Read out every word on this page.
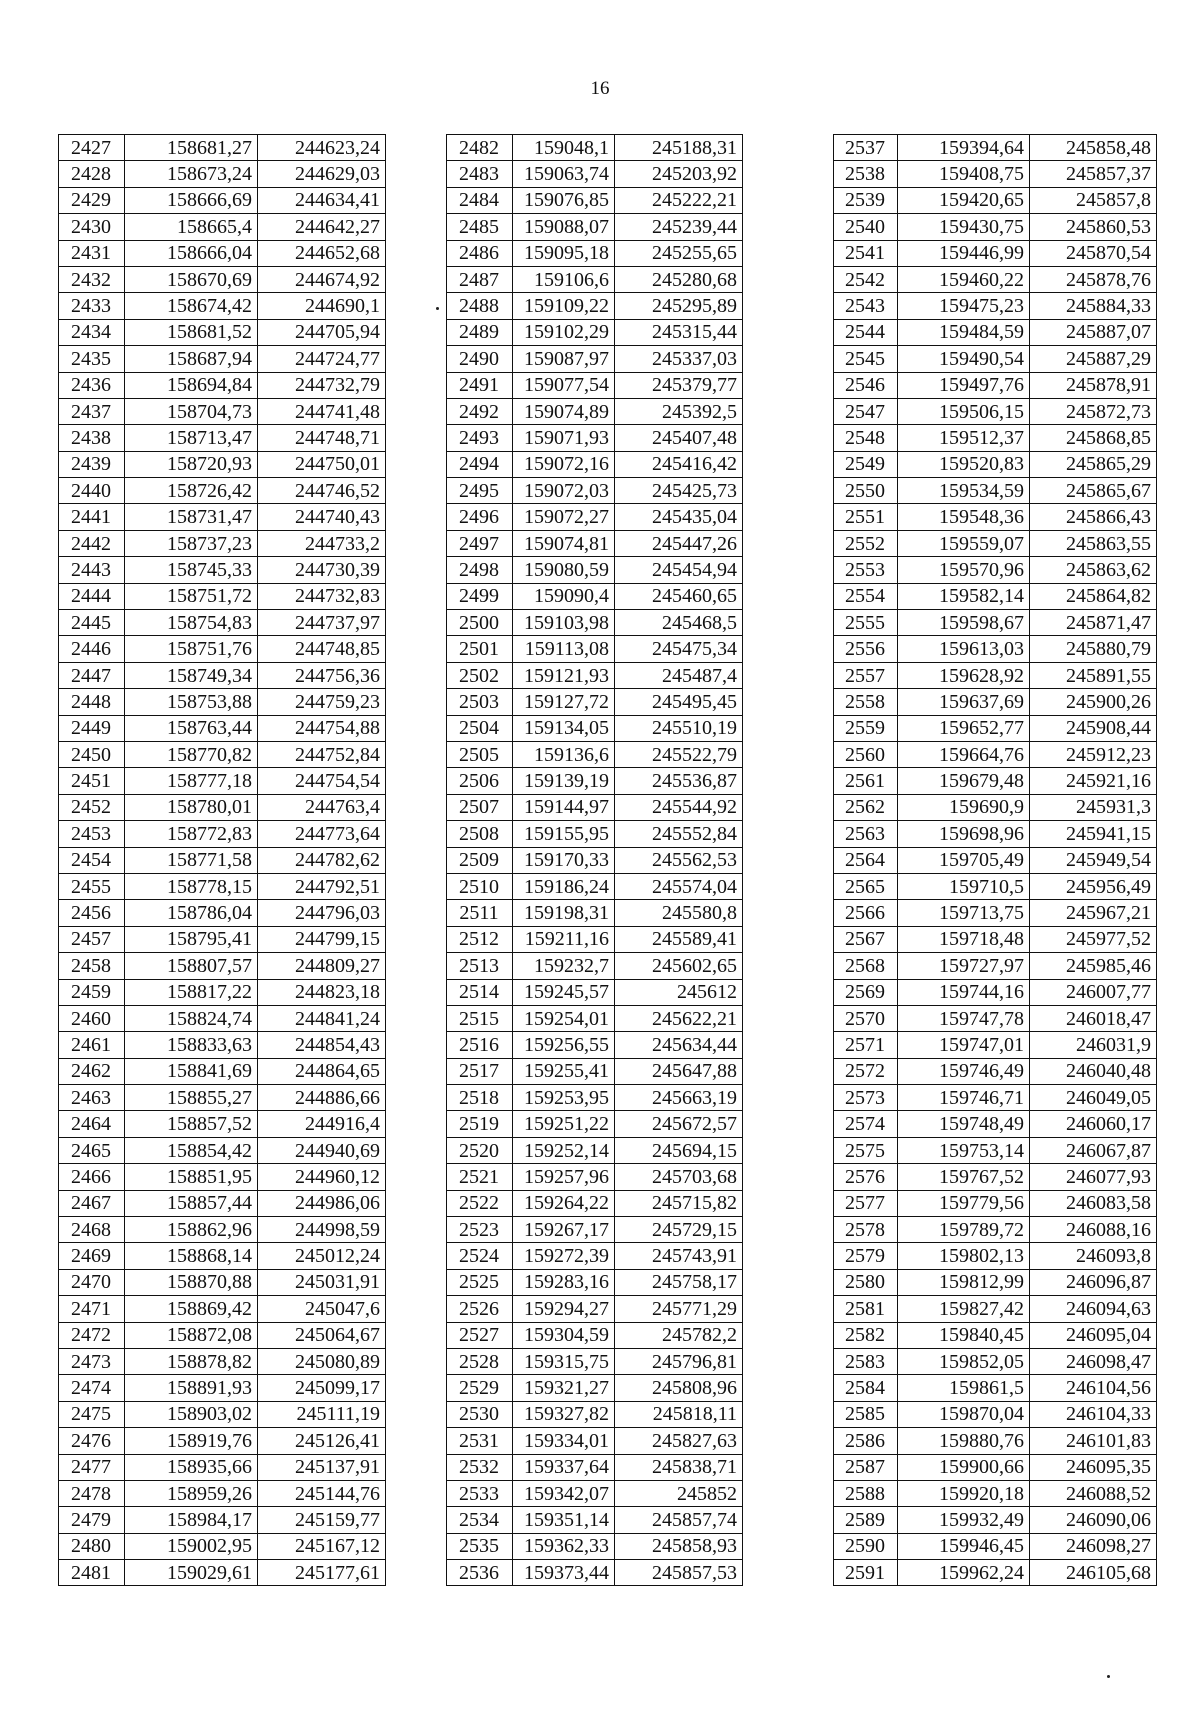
16
2427	158681,27	244623,24
2428	158673,24	244629,03
2429	158666,69	244634,41
2430	158665,4	244642,27
2431	158666,04	244652,68
2432	158670,69	244674,92
2433	158674,42	244690,1
2434	158681,52	244705,94
2435	158687,94	244724,77
2436	158694,84	244732,79
2437	158704,73	244741,48
2438	158713,47	244748,71
2439	158720,93	244750,01
2440	158726,42	244746,52
2441	158731,47	244740,43
2442	158737,23	244733,2
2443	158745,33	244730,39
2444	158751,72	244732,83
2445	158754,83	244737,97
2446	158751,76	244748,85
2447	158749,34	244756,36
2448	158753,88	244759,23
2449	158763,44	244754,88
2450	158770,82	244752,84
2451	158777,18	244754,54
2452	158780,01	244763,4
2453	158772,83	244773,64
2454	158771,58	244782,62
2455	158778,15	244792,51
2456	158786,04	244796,03
2457	158795,41	244799,15
2458	158807,57	244809,27
2459	158817,22	244823,18
2460	158824,74	244841,24
2461	158833,63	244854,43
2462	158841,69	244864,65
2463	158855,27	244886,66
2464	158857,52	244916,4
2465	158854,42	244940,69
2466	158851,95	244960,12
2467	158857,44	244986,06
2468	158862,96	244998,59
2469	158868,14	245012,24
2470	158870,88	245031,91
2471	158869,42	245047,6
2472	158872,08	245064,67
2473	158878,82	245080,89
2474	158891,93	245099,17
2475	158903,02	245111,19
2476	158919,76	245126,41
2477	158935,66	245137,91
2478	158959,26	245144,76
2479	158984,17	245159,77
2480	159002,95	245167,12
2481	159029,61	245177,61
2482	159048,1	245188,31
2483	159063,74	245203,92
2484	159076,85	245222,21
2485	159088,07	245239,44
2486	159095,18	245255,65
2487	159106,6	245280,68
2488	159109,22	245295,89
2489	159102,29	245315,44
2490	159087,97	245337,03
2491	159077,54	245379,77
2492	159074,89	245392,5
2493	159071,93	245407,48
2494	159072,16	245416,42
2495	159072,03	245425,73
2496	159072,27	245435,04
2497	159074,81	245447,26
2498	159080,59	245454,94
2499	159090,4	245460,65
2500	159103,98	245468,5
2501	159113,08	245475,34
2502	159121,93	245487,4
2503	159127,72	245495,45
2504	159134,05	245510,19
2505	159136,6	245522,79
2506	159139,19	245536,87
2507	159144,97	245544,92
2508	159155,95	245552,84
2509	159170,33	245562,53
2510	159186,24	245574,04
2511	159198,31	245580,8
2512	159211,16	245589,41
2513	159232,7	245602,65
2514	159245,57	245612
2515	159254,01	245622,21
2516	159256,55	245634,44
2517	159255,41	245647,88
2518	159253,95	245663,19
2519	159251,22	245672,57
2520	159252,14	245694,15
2521	159257,96	245703,68
2522	159264,22	245715,82
2523	159267,17	245729,15
2524	159272,39	245743,91
2525	159283,16	245758,17
2526	159294,27	245771,29
2527	159304,59	245782,2
2528	159315,75	245796,81
2529	159321,27	245808,96
2530	159327,82	245818,11
2531	159334,01	245827,63
2532	159337,64	245838,71
2533	159342,07	245852
2534	159351,14	245857,74
2535	159362,33	245858,93
2536	159373,44	245857,53
2537	159394,64	245858,48
2538	159408,75	245857,37
2539	159420,65	245857,8
2540	159430,75	245860,53
2541	159446,99	245870,54
2542	159460,22	245878,76
2543	159475,23	245884,33
2544	159484,59	245887,07
2545	159490,54	245887,29
2546	159497,76	245878,91
2547	159506,15	245872,73
2548	159512,37	245868,85
2549	159520,83	245865,29
2550	159534,59	245865,67
2551	159548,36	245866,43
2552	159559,07	245863,55
2553	159570,96	245863,62
2554	159582,14	245864,82
2555	159598,67	245871,47
2556	159613,03	245880,79
2557	159628,92	245891,55
2558	159637,69	245900,26
2559	159652,77	245908,44
2560	159664,76	245912,23
2561	159679,48	245921,16
2562	159690,9	245931,3
2563	159698,96	245941,15
2564	159705,49	245949,54
2565	159710,5	245956,49
2566	159713,75	245967,21
2567	159718,48	245977,52
2568	159727,97	245985,46
2569	159744,16	246007,77
2570	159747,78	246018,47
2571	159747,01	246031,9
2572	159746,49	246040,48
2573	159746,71	246049,05
2574	159748,49	246060,17
2575	159753,14	246067,87
2576	159767,52	246077,93
2577	159779,56	246083,58
2578	159789,72	246088,16
2579	159802,13	246093,8
2580	159812,99	246096,87
2581	159827,42	246094,63
2582	159840,45	246095,04
2583	159852,05	246098,47
2584	159861,5	246104,56
2585	159870,04	246104,33
2586	159880,76	246101,83
2587	159900,66	246095,35
2588	159920,18	246088,52
2589	159932,49	246090,06
2590	159946,45	246098,27
2591	159962,24	246105,68
